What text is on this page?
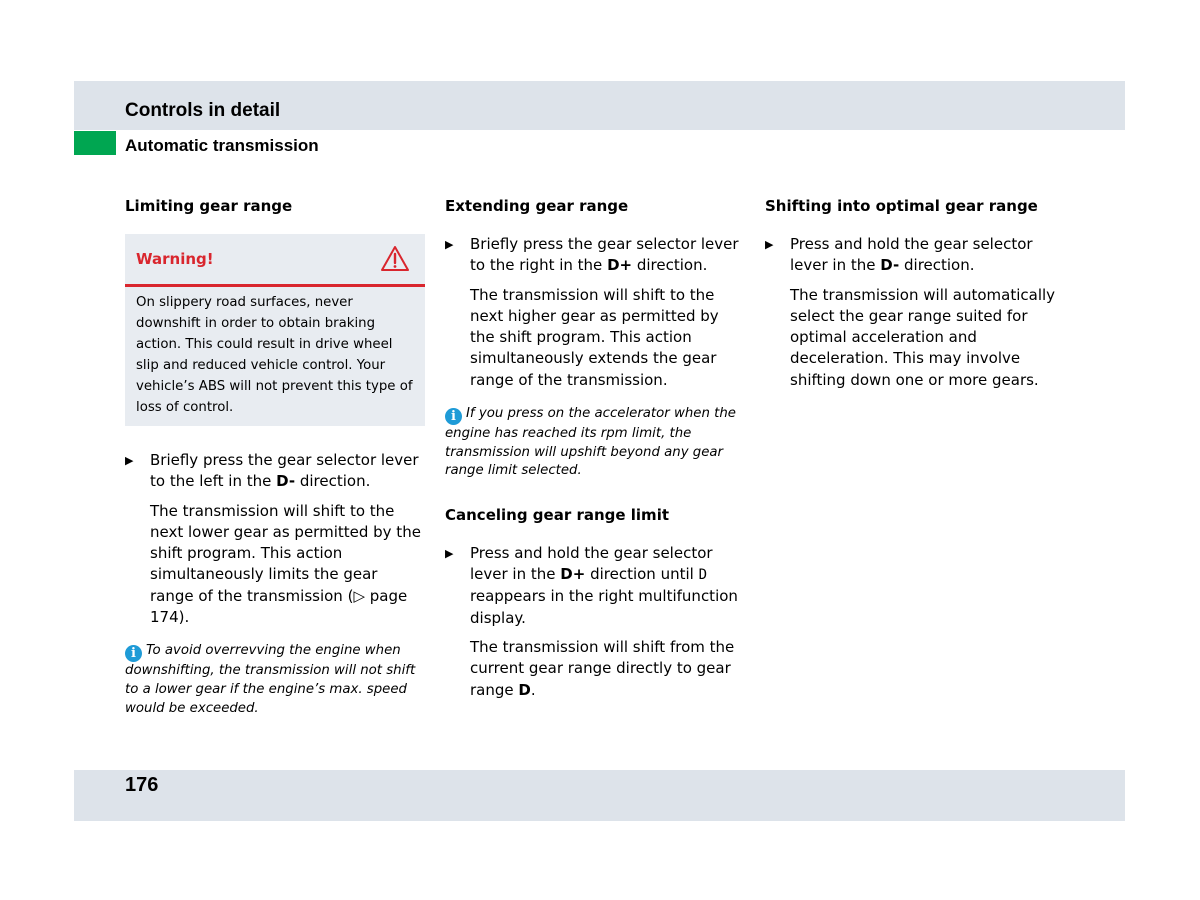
Controls in detail
Automatic transmission
Limiting gear range
Warning!
On slippery road surfaces, never downshift in order to obtain braking action. This could result in drive wheel slip and reduced vehicle control. Your vehicle’s ABS will not prevent this type of loss of control.
▶	Briefly press the gear selector lever to the left in the D- direction.
The transmission will shift to the next lower gear as permitted by the shift program. This action simultaneously limits the gear range of the transmission (▷ page 174).
i To avoid overrevving the engine when downshifting, the transmission will not shift to a lower gear if the engine’s max. speed would be exceeded.
Extending gear range
▶	Briefly press the gear selector lever to the right in the D+ direction.
The transmission will shift to the next higher gear as permitted by the shift program. This action simultaneously extends the gear range of the transmission.
i If you press on the accelerator when the engine has reached its rpm limit, the transmission will upshift beyond any gear range limit selected.
Canceling gear range limit
▶	Press and hold the gear selector lever in the D+ direction until D reappears in the right multifunction display.
The transmission will shift from the current gear range directly to gear range D.
Shifting into optimal gear range
▶	Press and hold the gear selector lever in the D- direction.
The transmission will automatically select the gear range suited for optimal acceleration and deceleration. This may involve shifting down one or more gears.
176
